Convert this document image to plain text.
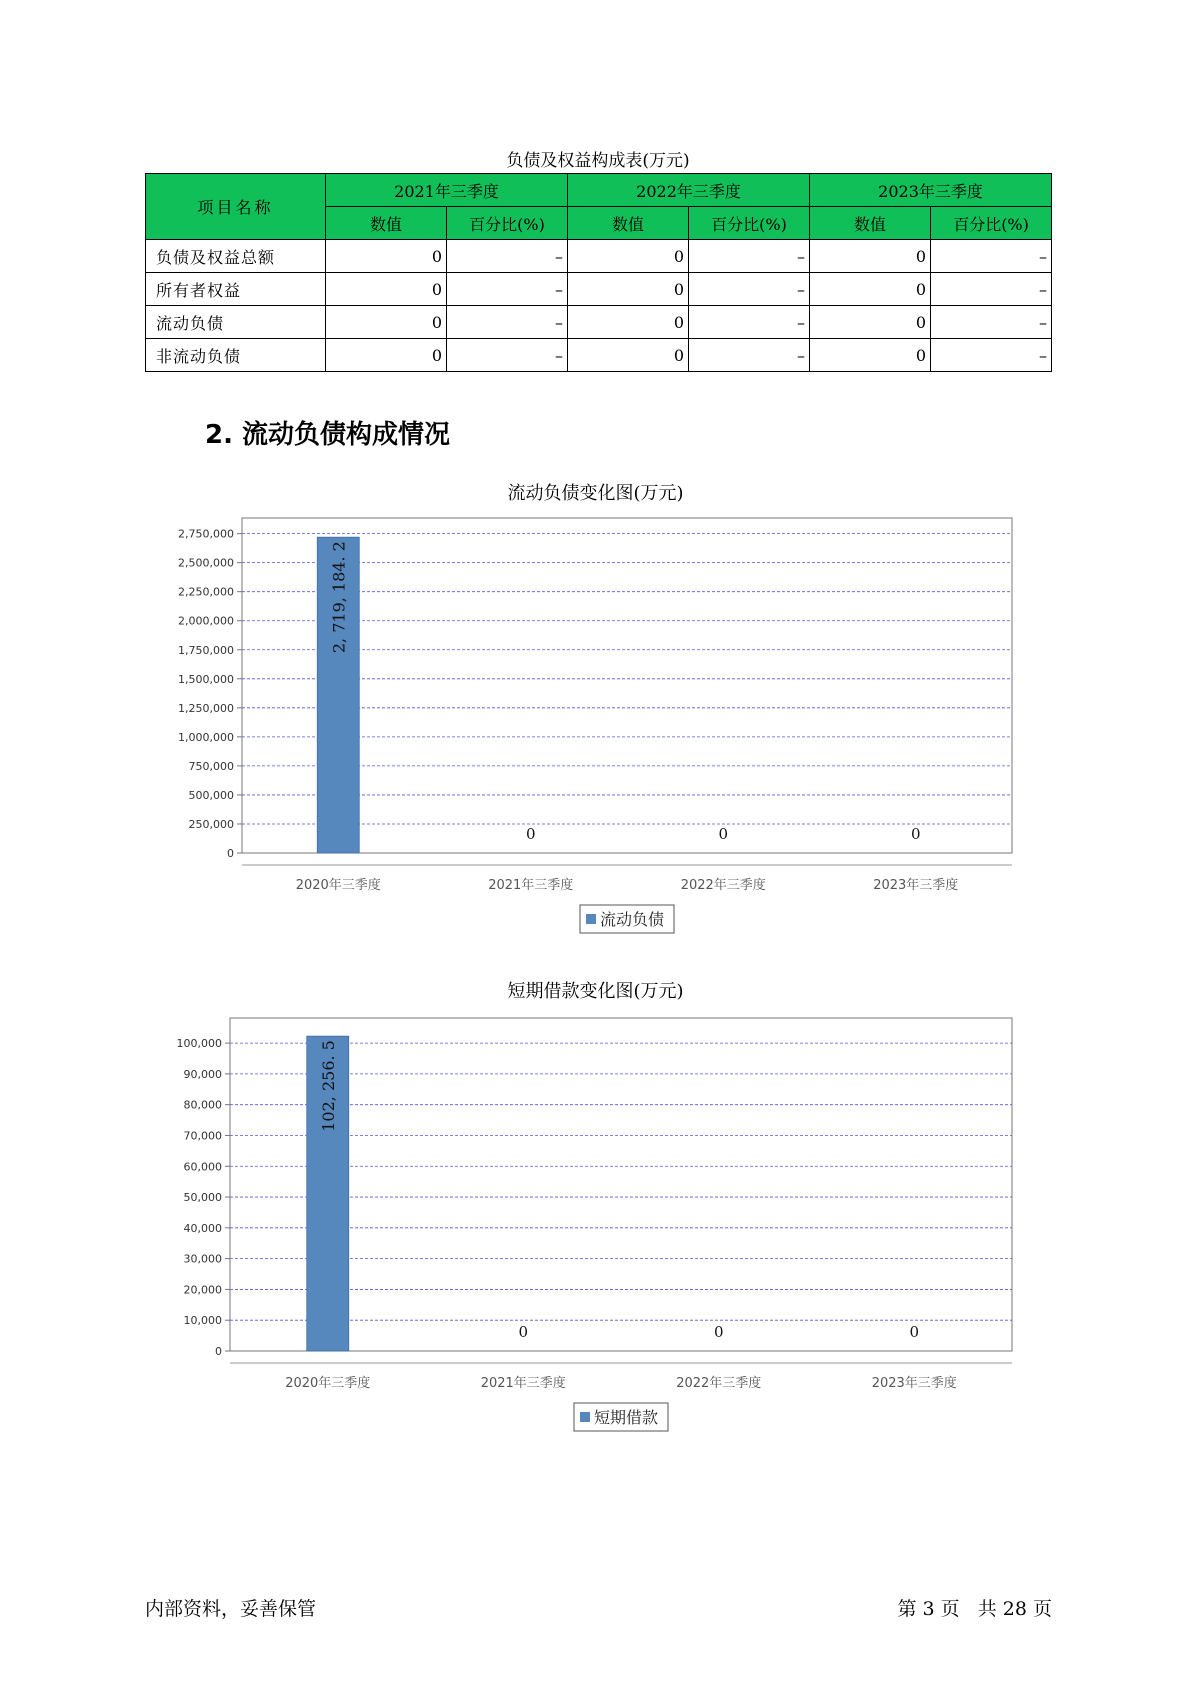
负债及权益构成表(万元)
项目名称	2021年三季度		2022年三季度		2023年三季度	
	数值	百分比(%)	数值	百分比(%)	数值	百分比(%)
负债及权益总额	0	–	0	–	0	–
所有者权益	0	–	0	–	0	–
流动负债	0	–	0	–	0	–
非流动负债	0	–	0	–	0	–
2. 流动负债构成情况
流动负债变化图(万元)
0
250,000
500,000
750,000
1,000,000
1,250,000
1,500,000
1,750,000
2,000,000
2,250,000
2,500,000
2,750,000
2020年三季度
2, 719, 184. 2
2021年三季度
0
2022年三季度
0
2023年三季度
0
流动负债
短期借款变化图(万元)
0
10,000
20,000
30,000
40,000
50,000
60,000
70,000
80,000
90,000
100,000
2020年三季度
102, 256. 5
2021年三季度
0
2022年三季度
0
2023年三季度
0
短期借款
内部资料，妥善保管	第 3 页   共 28 页
